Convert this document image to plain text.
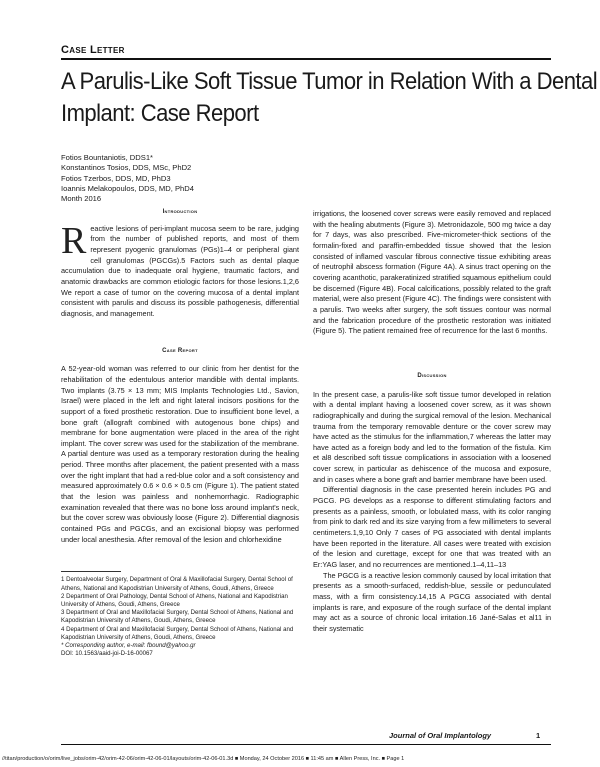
Case Letter
A Parulis-Like Soft Tissue Tumor in Relation With a Dental
Implant: Case Report
Fotios Bountaniotis, DDS1*
Konstantinos Tosios, DDS, MSc, PhD2
Fotios Tzerbos, DDS, MD, PhD3
Ioannis Melakopoulos, DDS, MD, PhD4
Month 2016
Introduction

Reactive lesions of peri-implant mucosa seem to be rare, judging from the number of published reports, and most of them represent pyogenic granulomas (PGs)1–4 or peripheral giant cell granulomas (PGCGs).5 Factors such as dental plaque accumulation due to inadequate oral hygiene, traumatic factors, and anatomic drawbacks are common etiologic factors for those lesions.1,2,6 We report a case of tumor on the covering mucosa of a dental implant consistent with parulis and discuss its possible pathogenesis, differential diagnosis, and management.

Case Report

A 52-year-old woman was referred to our clinic from her dentist for the rehabilitation of the edentulous anterior mandible with dental implants. Two implants (3.75 × 13 mm; MIS Implants Technologies Ltd., Savion, Israel) were placed in the left and right lateral incisors positions for the support of a fixed prosthetic restoration. Due to insufficient bone level, a bone graft (allograft combined with autogenous bone chips) and membrane for bone augmentation were placed in the area of the right implant. The cover screw was used for the stabilization of the membrane. A partial denture was used as a temporary restoration during the healing period. Three months after placement, the patient presented with a mass over the right implant that had a red-blue color and a soft consistency and measured approximately 0.6 × 0.6 × 0.5 cm (Figure 1). The patient stated that the lesion was painless and nonhemorrhagic. Radiographic examination revealed that there was no bone loss around implant's neck, but the cover screw was obviously loose (Figure 2). Differential diagnosis contained PGs and PGCGs, and an excisional biopsy was performed under local anesthesia. After removal of the lesion and chlorhexidine

1 Dentoalveolar Surgery, Department of Oral & Maxillofacial Surgery, Dental School of Athens, National and Kapodistrian University of Athens, Goudi, Athens, Greece
2 Department of Oral Pathology, Dental School of Athens, National and Kapodistrian University of Athens, Goudi, Athens, Greece
3 Department of Oral and Maxillofacial Surgery, Dental School of Athens, National and Kapodistrian University of Athens, Goudi, Athens, Greece
4 Department of Oral and Maxillofacial Surgery, Dental School of Athens, National and Kapodistrian University of Athens, Goudi, Athens, Greece
* Corresponding author, e-mail: fbound@yahoo.gr
DOI: 10.1563/aaid-joi-D-16-00067

irrigations, the loosened cover screws were easily removed and replaced with the healing abutments (Figure 3). Metronidazole, 500 mg twice a day for 7 days, was also prescribed. Five-micrometer-thick sections of the formalin-fixed and paraffin-embedded tissue showed that the lesion consisted of inflamed vascular fibrous connective tissue exhibiting areas of neutrophil abscess formation (Figure 4A). A sinus tract opening on the covering acanthotic, parakeratinized stratified squamous epithelium could be discerned (Figure 4B). Focal calcifications, possibly related to the graft material, were also present (Figure 4C). The findings were consistent with a parulis. Two weeks after surgery, the soft tissues contour was normal and the fabrication procedure of the prosthetic restoration was initiated (Figure 5). The patient remained free of recurrence for the last 6 months.

Discussion

In the present case, a parulis-like soft tissue tumor developed in relation with a dental implant having a loosened cover screw, as it was shown radiographically and during the surgical removal of the lesion. Mechanical trauma from the temporary removable denture or the cover screw may have acted as the stimulus for the inflammation,7 whereas the latter may have acted as a foreign body and led to the formation of the fistula. Kim et al8 described soft tissue complications in association with a loosened cover screw, in particular as dehiscence of the mucosa and exposure, and in cases where a bone graft and barrier membrane have been used.

Differential diagnosis in the case presented herein includes PG and PGCG. PG develops as a response to different stimulating factors and presents as a painless, smooth, or lobulated mass, with its color ranging from pink to dark red and its size varying from a few millimeters to several centimeters.1,9,10 Only 7 cases of PG associated with dental implants have been reported in the literature. All cases were treated with excision of the lesion and curettage, except for one that was treated with an Er:YAG laser, and no recurrences are mentioned.1–4,11–13

The PGCG is a reactive lesion commonly caused by local irritation that presents as a smooth-surfaced, reddish-blue, sessile or pedunculated mass, with a firm consistency.14,15 A PGCG associated with dental implants is rare, and exposure of the rough surface of the dental implant may act as a source of chronic local irritation.16 Jané-Salas et al11 in their systematic

Journal of Oral Implantology	1
//titan/production/o/orim/live_jobs/orim-42/orim-42-06/orim-42-06-01/layouts/orim-42-06-01.3d ■ Monday, 24 October 2016 ■ 11:45 am ■ Allen Press, Inc. ■ Page 1
